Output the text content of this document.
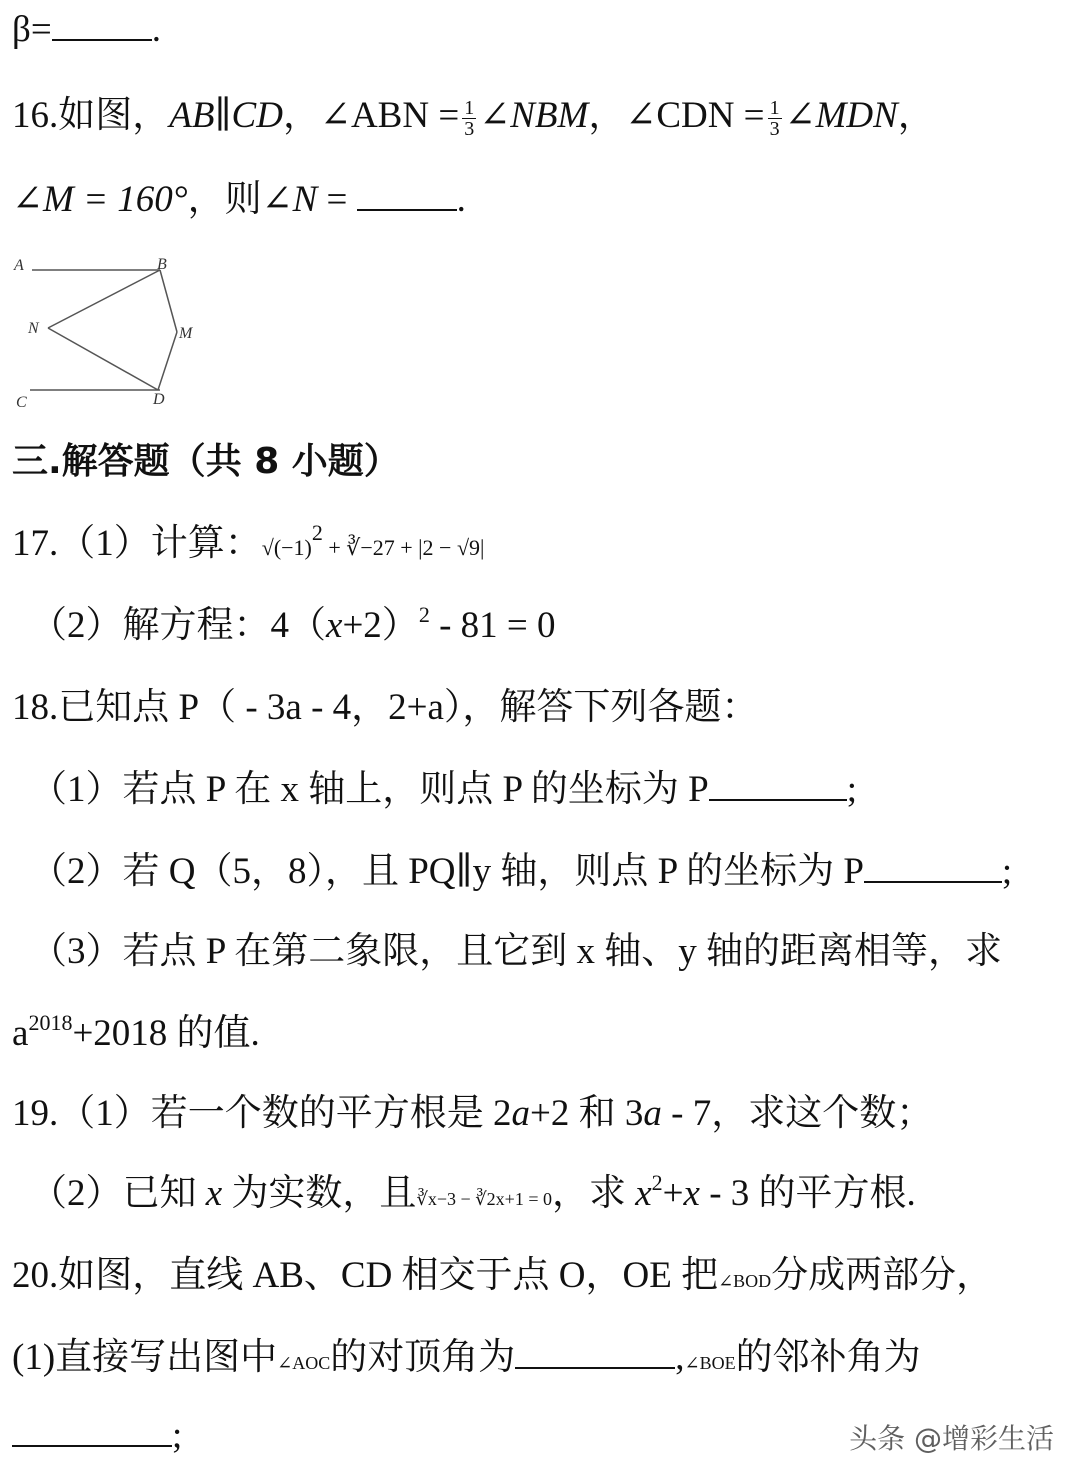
β=	.
16.如图，AB∥CD，∠ABN = $\frac{1}{3}$ ∠NBM，∠CDN = $\frac{1}{3}$ ∠MDN，
∠M = 160°，则∠N =	.
A	B
N	M
C	D
三.解答题（共 8 小题）
17.（1）计算：$√(-1)^2$ + ∛−27 + |2 − √9|
（2）解方程：$4(x+2)^2 - 81 = 0$
18.已知点 P（ - 3a - 4，2+a），解答下列各题：
（1）若点 P 在 x 轴上，则点 P 的坐标为 P	;
（2）若 Q（5，8），且 PQ∥y 轴，则点 P 的坐标为 P	;
（3）若点 P 在第二象限，且它到 x 轴、y 轴的距离相等，求
$a^{2018}+2018$ 的值.
19.（1）若一个数的平方根是 2a+2 和 3a - 7，求这个数；
（2）已知 x 为实数，且∛x−3 − ∛2x+1 = 0，求 $x^2+x - 3$ 的平方根.
20.如图，直线 AB、CD 相交于点 O，OE 把∠BOD分成两部分，
(1)直接写出图中∠AOC的对顶角为	,∠BOE的邻补角为
;	头条 @增彩生活
